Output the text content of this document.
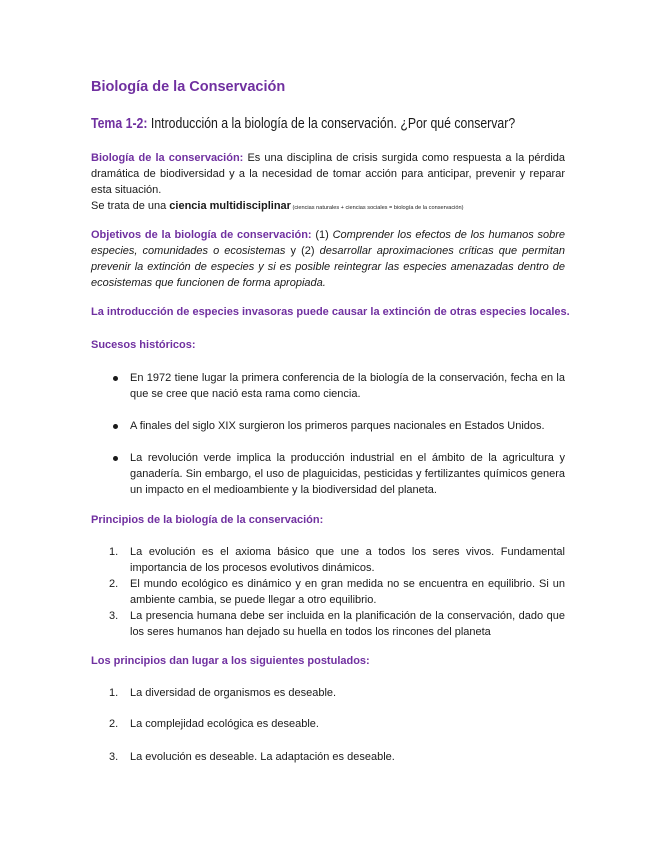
Biología de la Conservación
Tema 1-2: Introducción a la biología de la conservación. ¿Por qué conservar?
Biología de la conservación: Es una disciplina de crisis surgida como respuesta a la pérdida dramática de biodiversidad y a la necesidad de tomar acción para anticipar, prevenir y reparar esta situación.
Se trata de una ciencia multidisciplinar (ciencias naturales + ciencias sociales = biología de la conservación)
Objetivos de la biología de conservación: (1) Comprender los efectos de los humanos sobre especies, comunidades o ecosistemas y (2) desarrollar aproximaciones críticas que permitan prevenir la extinción de especies y si es posible reintegrar las especies amenazadas dentro de ecosistemas que funcionen de forma apropiada.
La introducción de especies invasoras puede causar la extinción de otras especies locales.
Sucesos históricos:
En 1972 tiene lugar la primera conferencia de la biología de la conservación, fecha en la que se cree que nació esta rama como ciencia.
A finales del siglo XIX surgieron los primeros parques nacionales en Estados Unidos.
La revolución verde implica la producción industrial en el ámbito de la agricultura y ganadería. Sin embargo, el uso de plaguicidas, pesticidas y fertilizantes químicos genera un impacto en el medioambiente y la biodiversidad del planeta.
Principios de la biología de la conservación:
1. La evolución es el axioma básico que une a todos los seres vivos. Fundamental importancia de los procesos evolutivos dinámicos.
2. El mundo ecológico es dinámico y en gran medida no se encuentra en equilibrio. Si un ambiente cambia, se puede llegar a otro equilibrio.
3. La presencia humana debe ser incluida en la planificación de la conservación, dado que los seres humanos han dejado su huella en todos los rincones del planeta
Los principios dan lugar a los siguientes postulados:
1. La diversidad de organismos es deseable.
2. La complejidad ecológica es deseable.
3. La evolución es deseable. La adaptación es deseable.
